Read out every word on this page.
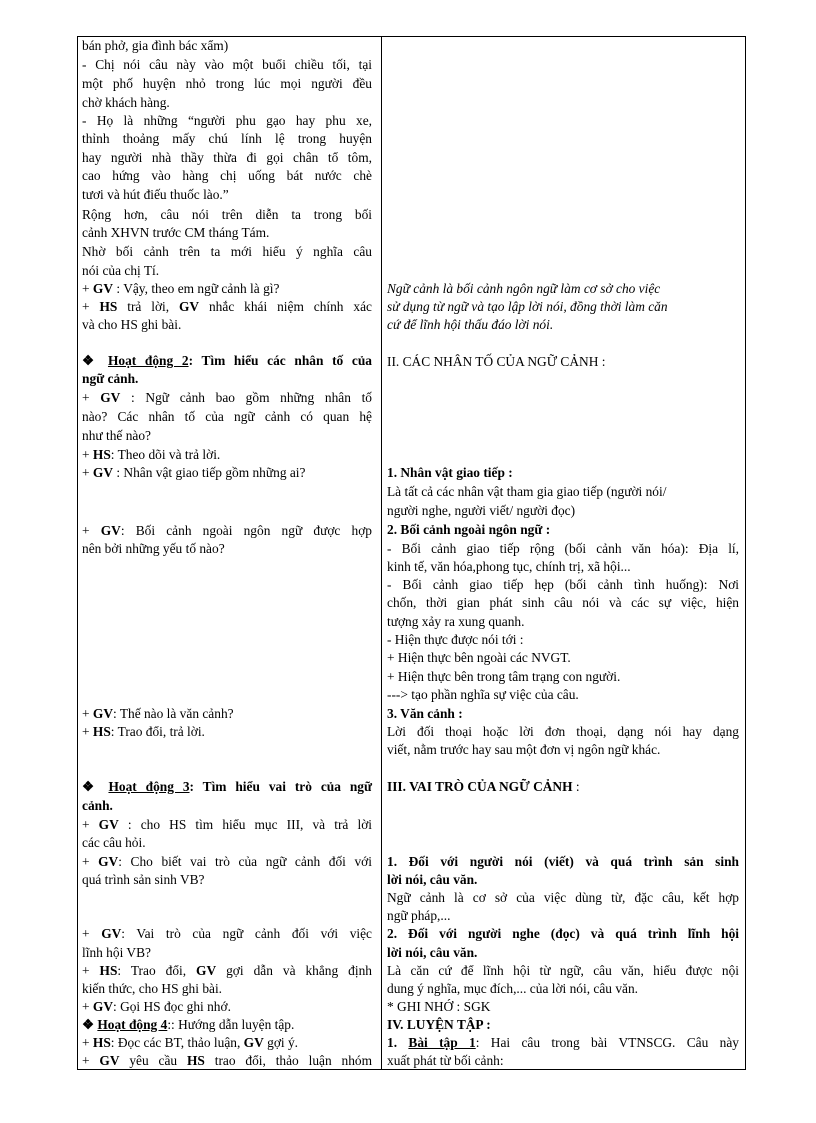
bán phở, gia đình bác xẩm)
- Chị nói câu này vào một buổi chiều tối, tại
một phố huyện nhỏ trong lúc mọi người đều
chờ khách hàng.
- Họ là những “người phu gạo hay phu xe,
thỉnh thoảng mấy chú lính lệ trong huyện
hay người nhà thầy thừa đi gọi chân tổ tôm,
cao hứng vào hàng chị uống bát nước chè
tươi và hút điếu thuốc lào.”
Rộng hơn, câu nói trên diễn ta trong bối
cảnh XHVN trước CM tháng Tám.
Nhờ bối cảnh trên ta mới hiểu ý nghĩa câu
nói của chị Tí.
+ GV : Vậy, theo em ngữ cảnh là gì?
+ HS trả lời, GV nhắc khái niệm chính xác
và cho HS ghi bài.
❖ Hoạt động 2: Tìm hiểu các nhân tố của
ngữ cảnh.
+ GV : Ngữ cảnh bao gồm những nhân tố
nào? Các nhân tố của ngữ cảnh có quan hệ
như thế nào?
+ HS: Theo dõi và trả lời.
+ GV : Nhân vật giao tiếp gồm những ai?
+ GV: Bối cảnh ngoài ngôn ngữ được hợp
nên bởi những yếu tố nào?
+ GV: Thế nào là văn cảnh?
+ HS: Trao đổi, trả lời.
❖ Hoạt động 3: Tìm hiểu vai trò của ngữ
cảnh.
+ GV : cho HS tìm hiểu mục III, và trả lời
các câu hỏi.
+ GV: Cho biết vai trò của ngữ cảnh đối với
quá trình sản sinh VB?
+ GV: Vai trò của ngữ cảnh đối với việc
lĩnh hội VB?
+ HS: Trao đổi, GV gợi dẫn và khẳng định
kiến thức, cho HS ghi bài.
+ GV: Gọi HS đọc ghi nhớ.
❖ Hoạt động 4:: Hướng dẫn luyện tập.
+ HS: Đọc các BT, thảo luận, GV gợi ý.
+ GV yêu cầu HS trao đổi, thảo luận nhóm
Ngữ cảnh là bối cảnh ngôn ngữ làm cơ sở cho việc
sử dụng từ ngữ và tạo lập lời nói, đồng thời làm căn
cứ để lĩnh hội thấu đáo lời nói.
II. CÁC NHÂN TỐ CỦA NGỮ CẢNH :
1. Nhân vật giao tiếp :
Là tất cả các nhân vật tham gia giao tiếp (người nói/
người nghe, người viết/ người đọc)
2. Bối cảnh ngoài ngôn ngữ :
- Bối cảnh giao tiếp rộng (bối cảnh văn hóa): Địa lí,
kinh tế, văn hóa,phong tục, chính trị, xã hội...
- Bối cảnh giao tiếp hẹp (bối cảnh tình huống): Nơi
chốn, thời gian phát sinh câu nói và các sự việc, hiện
tượng xảy ra xung quanh.
- Hiện thực được nói tới :
+ Hiện thực bên ngoài các NVGT.
+ Hiện thực bên trong tâm trạng con người.
---> tạo phần nghĩa sự việc của câu.
3. Văn cảnh :
Lời đối thoại hoặc lời đơn thoại, dạng nói hay dạng
viết, nằm trước hay sau một đơn vị ngôn ngữ khác.
III. VAI TRÒ CỦA NGỮ CẢNH :
1. Đối với người nói (viết) và quá trình sản sinh
lời nói, câu văn.
Ngữ cảnh là cơ sở của việc dùng từ, đặc câu, kết hợp
ngữ pháp,...
2. Đối với người nghe (đọc) và quá trình lĩnh hội
lời nói, câu văn.
Là căn cứ để lĩnh hội từ ngữ, câu văn, hiểu được nội
dung ý nghĩa, mục đích,... của lời nói, câu văn.
* GHI NHỚ : SGK
IV. LUYỆN TẬP :
1. Bài tập 1: Hai câu trong bài VTNSCG. Câu này
xuất phát từ bối cảnh:
